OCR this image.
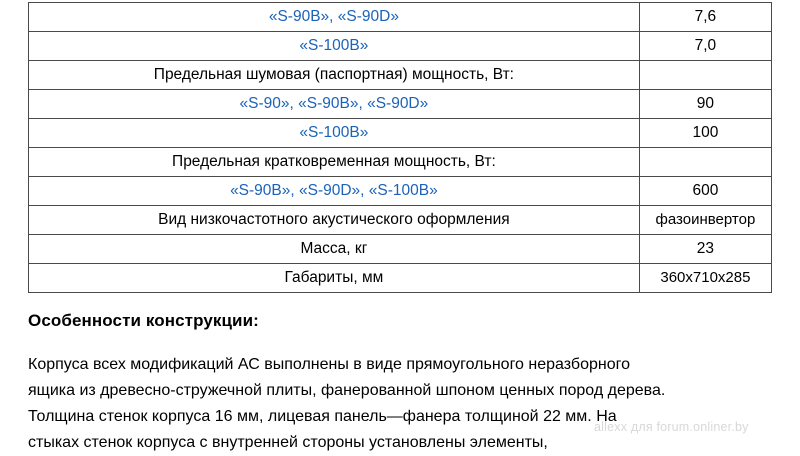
«S-90B», «S-90D»	7,6
«S-100B»	7,0
Предельная шумовая (паспортная) мощность, Вт:	
«S-90», «S-90B», «S-90D»	90
«S-100B»	100
Предельная кратковременная мощность, Вт:	
«S-90B», «S-90D», «S-100B»	600
Вид низкочастотного акустического оформления	фазоинвертор
Масса, кг	23
Габариты, мм	360х710х285
Особенности конструкции:
Корпуса всех модификаций АС выполнены в виде прямоугольного неразборного
ящика из древесно-стружечной плиты, фанерованной шпоном ценных пород дерева.
Толщина стенок корпуса 16 мм, лицевая панель—фанера толщиной 22 мм. На
стыках стенок корпуса с внутренней стороны установлены элементы,
allexx для forum.onliner.by
